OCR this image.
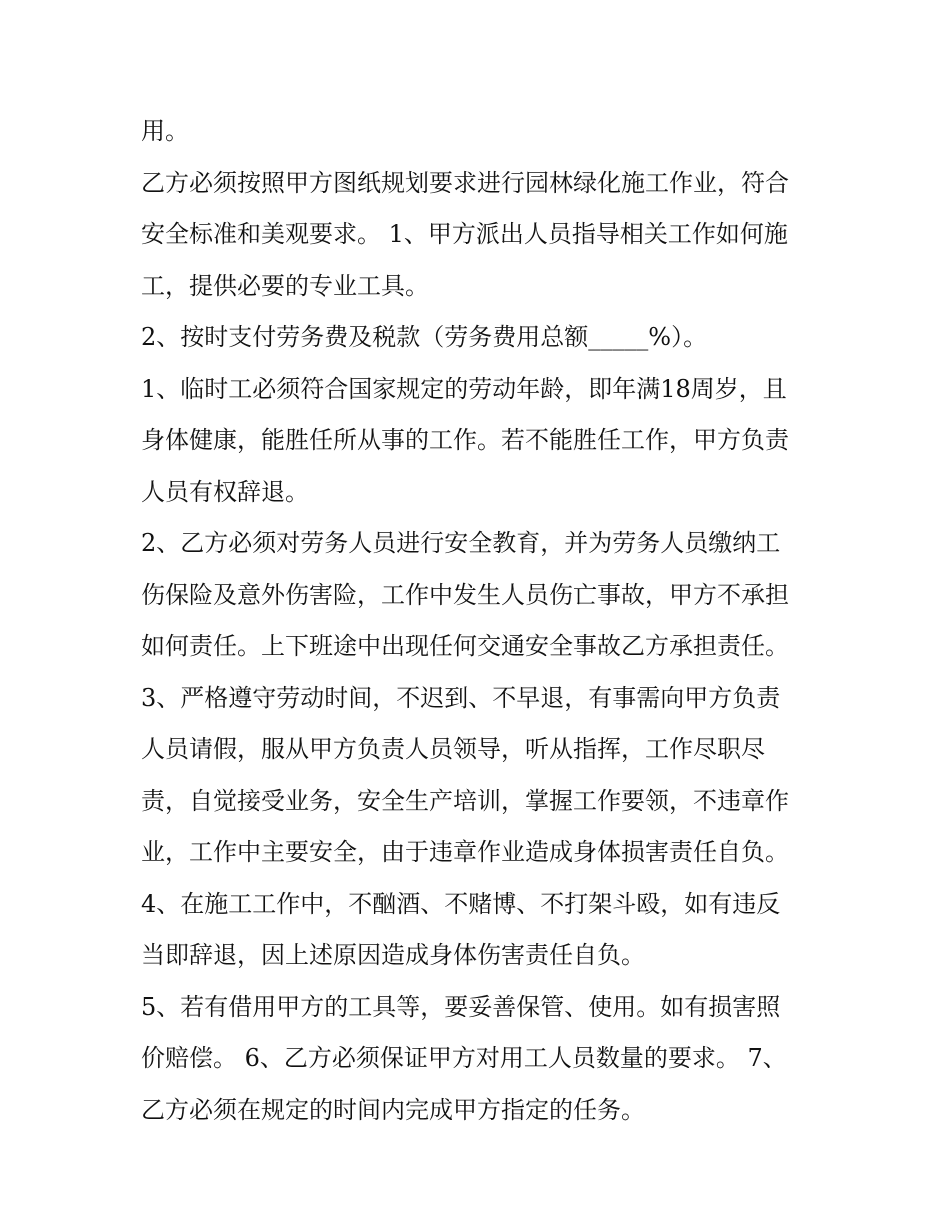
用。
乙方必须按照甲方图纸规划要求进行园林绿化施工作业，符合
安全标准和美观要求。 1、甲方派出人员指导相关工作如何施
工，提供必要的专业工具。
2、按时支付劳务费及税款（劳务费用总额_____%）。
1、临时工必须符合国家规定的劳动年龄，即年满18周岁，且
身体健康，能胜任所从事的工作。若不能胜任工作，甲方负责
人员有权辞退。
2、乙方必须对劳务人员进行安全教育，并为劳务人员缴纳工
伤保险及意外伤害险，工作中发生人员伤亡事故，甲方不承担
如何责任。上下班途中出现任何交通安全事故乙方承担责任。
3、严格遵守劳动时间，不迟到、不早退，有事需向甲方负责
人员请假，服从甲方负责人员领导，听从指挥，工作尽职尽
责，自觉接受业务，安全生产培训，掌握工作要领，不违章作
业，工作中主要安全，由于违章作业造成身体损害责任自负。
4、在施工工作中，不酗酒、不赌博、不打架斗殴，如有违反
当即辞退，因上述原因造成身体伤害责任自负。
5、若有借用甲方的工具等，要妥善保管、使用。如有损害照
价赔偿。 6、乙方必须保证甲方对用工人员数量的要求。 7、
乙方必须在规定的时间内完成甲方指定的任务。
